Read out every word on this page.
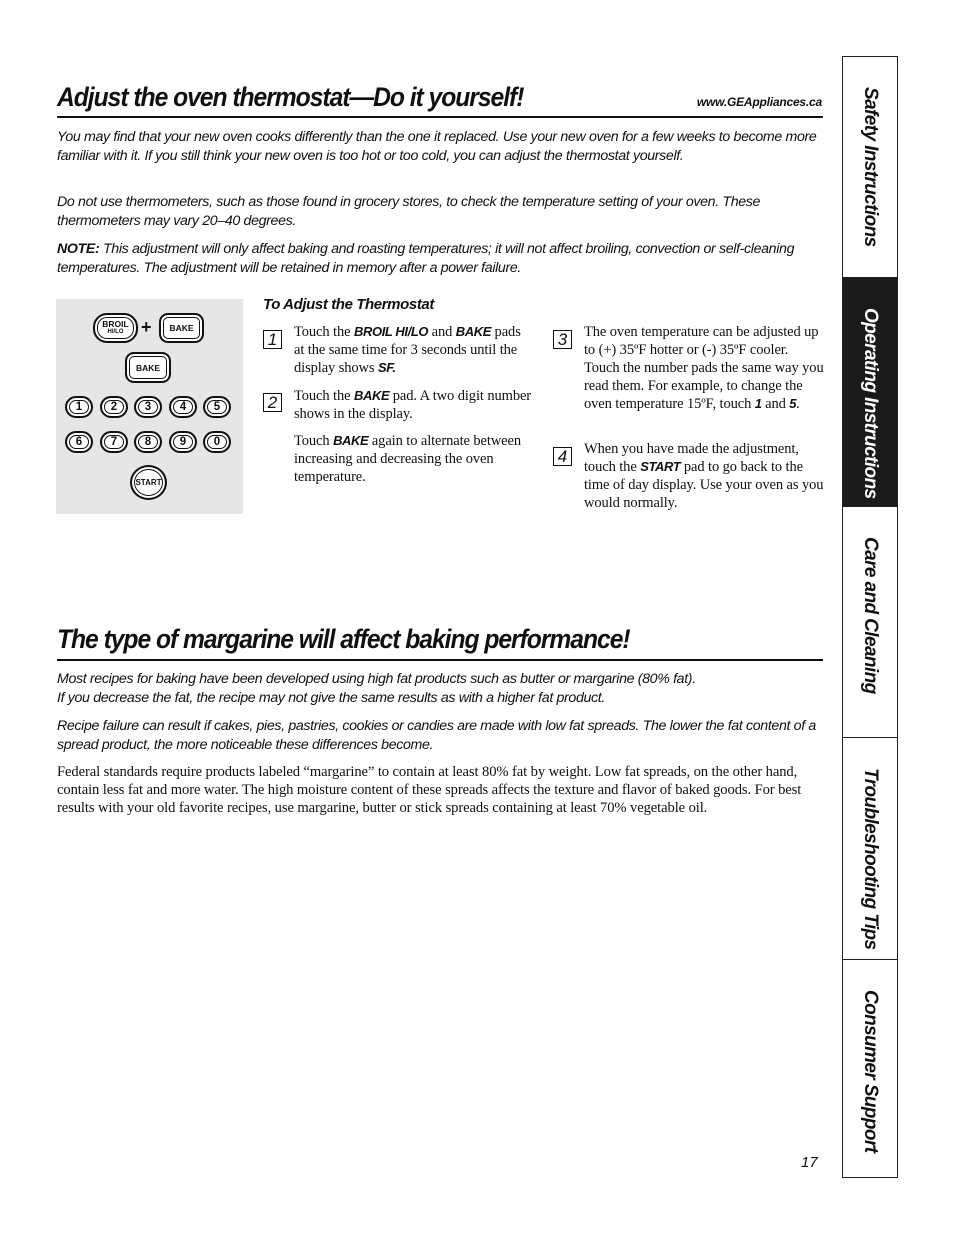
Adjust the oven thermostat—Do it yourself!	www.GEAppliances.ca

You may find that your new oven cooks differently than the one it replaced. Use your new oven for a few weeks to become more familiar with it. If you still think your new oven is too hot or too cold, you can adjust the thermostat yourself.

Do not use thermometers, such as those found in grocery stores, to check the temperature setting of your oven. These thermometers may vary 20–40 degrees.

NOTE: This adjustment will only affect baking and roasting temperatures; it will not affect broiling, convection or self-cleaning temperatures. The adjustment will be retained in memory after a power failure.

BROIL
HI/LO +	BAKE
BAKE
1	2	3	4	5
6	7	8	9	0
START
To Adjust the Thermostat
1	Touch the BROIL HI/LO and BAKE pads at the same time for 3 seconds until the display shows SF.
2	Touch the BAKE pad. A two digit number shows in the display.
Touch BAKE again to alternate between increasing and decreasing the oven temperature.
3	The oven temperature can be adjusted up to (+) 35ºF hotter or (-) 35ºF cooler. Touch the number pads the same way you read them. For example, to change the oven temperature 15ºF, touch 1 and 5.
4	When you have made the adjustment, touch the START pad to go back to the time of day display. Use your oven as you would normally.
The type of margarine will affect baking performance!

Most recipes for baking have been developed using high fat products such as butter or margarine (80% fat).
If you decrease the fat, the recipe may not give the same results as with a higher fat product.

Recipe failure can result if cakes, pies, pastries, cookies or candies are made with low fat spreads. The lower the fat content of a spread product, the more noticeable these differences become.

Federal standards require products labeled “margarine” to contain at least 80% fat by weight. Low fat spreads, on the other hand, contain less fat and more water. The high moisture content of these spreads affects the texture and flavor of baked goods. For best results with your old favorite recipes, use margarine, butter or stick spreads containing at least 70% vegetable oil.

17
Safety Instructions
Operating Instructions
Care and Cleaning
Troubleshooting Tips
Consumer Support
